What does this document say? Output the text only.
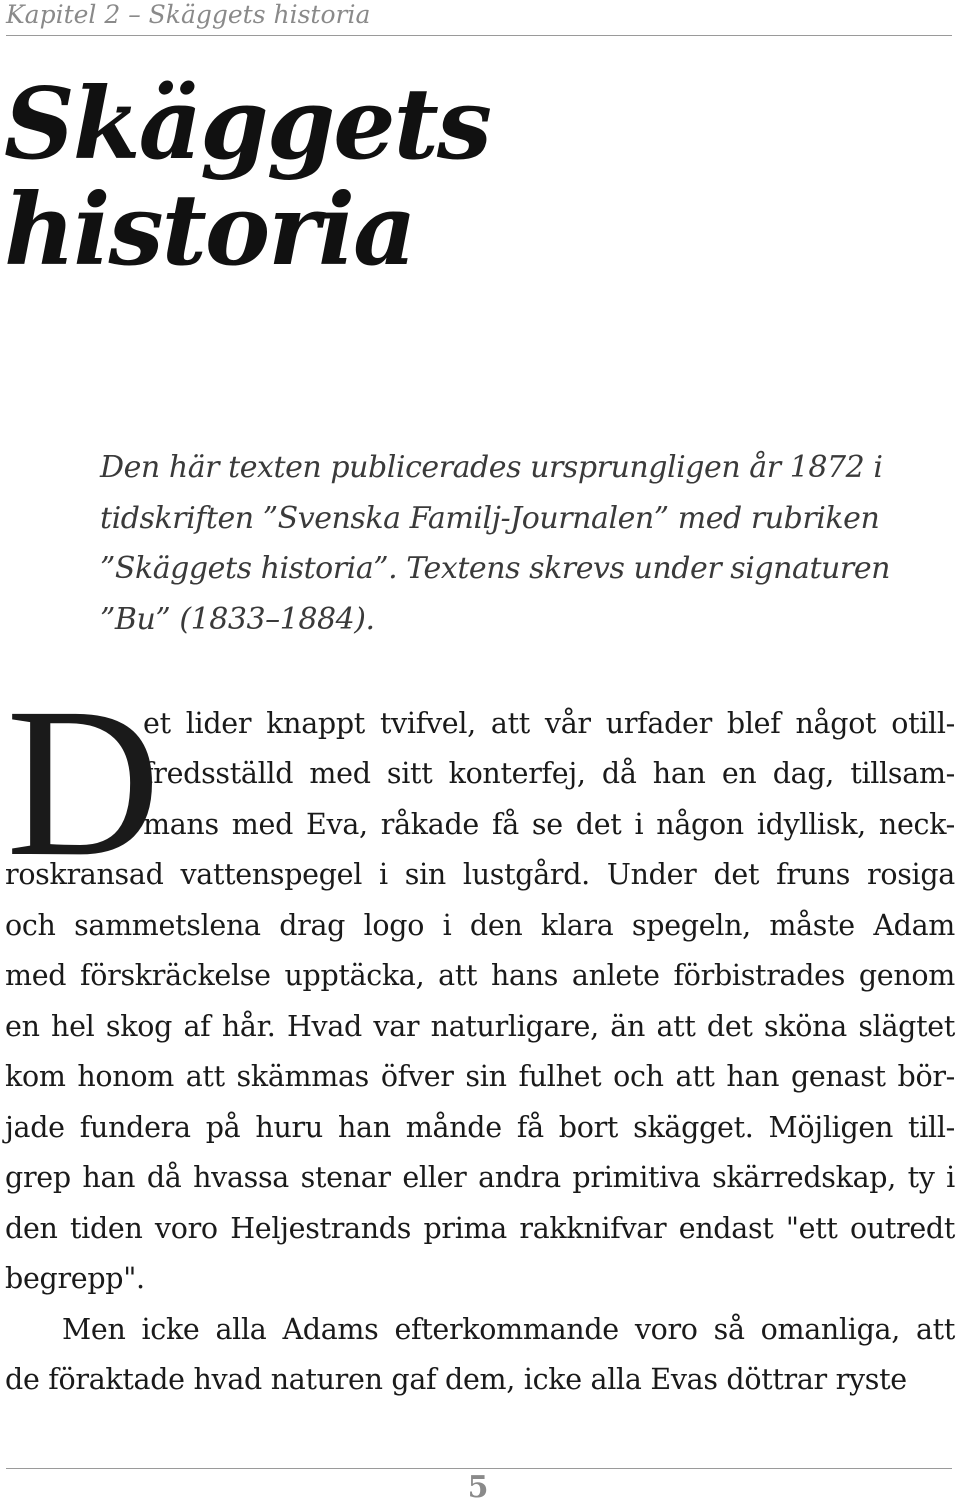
Kapitel 2 – Skäggets historia
Skäggets
historia
Den här texten publicerades ursprungligen år 1872 i
tidskriften ”Svenska Familj-Journalen” med rubriken
”Skäggets historia”. Textens skrevs under signaturen
”Bu” (1833–1884).
D
et lider knappt tvifvel, att vår urfader blef något otill-
fredsställd med sitt konterfej, då han en dag, tillsam-
mans med Eva, råkade få se det i någon idyllisk, neck-
roskransad vattenspegel i sin lustgård. Under det fruns rosiga
och sammetslena drag logo i den klara spegeln, måste Adam
med förskräckelse upptäcka, att hans anlete förbistrades genom
en hel skog af hår. Hvad var naturligare, än att det sköna slägtet
kom honom att skämmas öfver sin fulhet och att han genast bör-
jade fundera på huru han månde få bort skägget. Möjligen till-
grep han då hvassa stenar eller andra primitiva skärredskap, ty i
den tiden voro Heljestrands prima rakknifvar endast "ett outredt
begrepp".
Men icke alla Adams efterkommande voro så omanliga, att
de föraktade hvad naturen gaf dem, icke alla Evas döttrar ryste
5
